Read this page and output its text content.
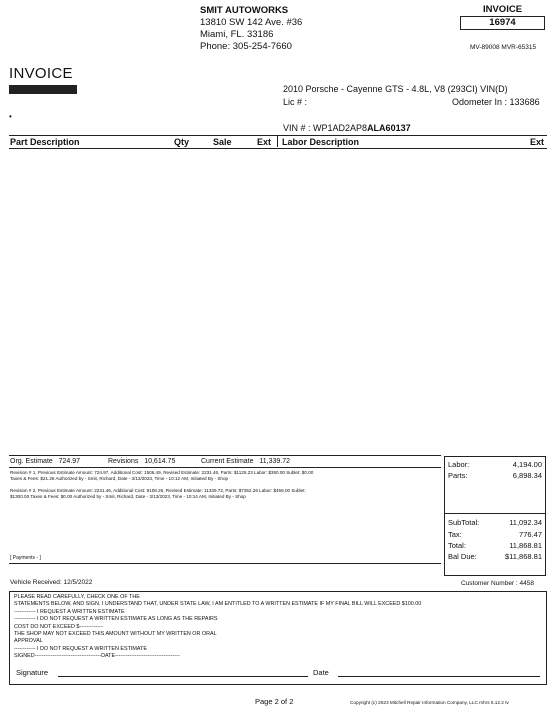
SMIT AUTOWORKS
13810 SW 142 Ave. #36
Miami, FL. 33186
Phone: 305-254-7660
INVOICE
16974
MV-89008 MVR-65315
INVOICE
•
2010 Porsche - Cayenne GTS - 4.8L, V8 (293CI) VIN(D)
Lic # :	Odometer In : 133686
VIN # : WP1AD2AP8ALA60137
Part Description	Qty	Sale	Ext Labor Description	Ext
Org. Estimate 724.97	Revisions 10,614.75	Current Estimate 11,339.72
Revision # 1, Previous Estimate Amount: 724.97, Additional Cost: 1506.49, Revised Estimate: 2231.46, Parts: $1125.23 Labor: $360.00 Sublet: $0.00
Taxes & Fees: $21.26 Authorized by - Smit, Richard, Date - 3/13/2023, Time - 10:12 AM, Initiated By - Shop
Revision # 2, Previous Estimate Amount: 2231.46, Additional Cost: 9108.26, Revised Estimate: 11339.72, Parts: $7352.26 Labor: $456.00 Sublet:
$1300.00 Taxes & Fees: $0.00 Authorized by - Smit, Richard, Date - 3/13/2023, Time - 10:14 AM, Initiated By - Shop
Labor:	4,194.00
Parts:	6,898.34
SubTotal:	11,092.34
Tax:	776.47
Total:	11,868.81
Bal Due:	$11,868.81
[ Payments - ]
Vehicle Received: 12/5/2022	Customer Number : 4458
PLEASE READ CAREFULLY, CHECK ONE OF THE
STATEMENTS BELOW, AND SIGN. I UNDERSTAND THAT, UNDER STATE LAW, I AM ENTITLED TO A WRITTEN ESTIMATE IF MY FINAL BILL WILL EXCEED $100.00
------------ I REQUEST A WRITTEN ESTIMATE
------------ I DO NOT REQUEST A WRITTEN ESTIMATE AS LONG AS THE REPAIRS
COST DO NOT EXCEED $-------------
THE SHOP MAY NOT EXCEED THIS AMOUNT WITHOUT MY WRITTEN OR ORAL
APPROVAL
------------ I DO NOT REQUEST A WRITTEN ESTIMATE
SIGNED-------------------------------------DATE------------------------------------
Signature	Date
Page 2 of 2	Copyright (c) 2023 Mitchell Repair Information Company, LLC mhrs 5.12.2 tv
